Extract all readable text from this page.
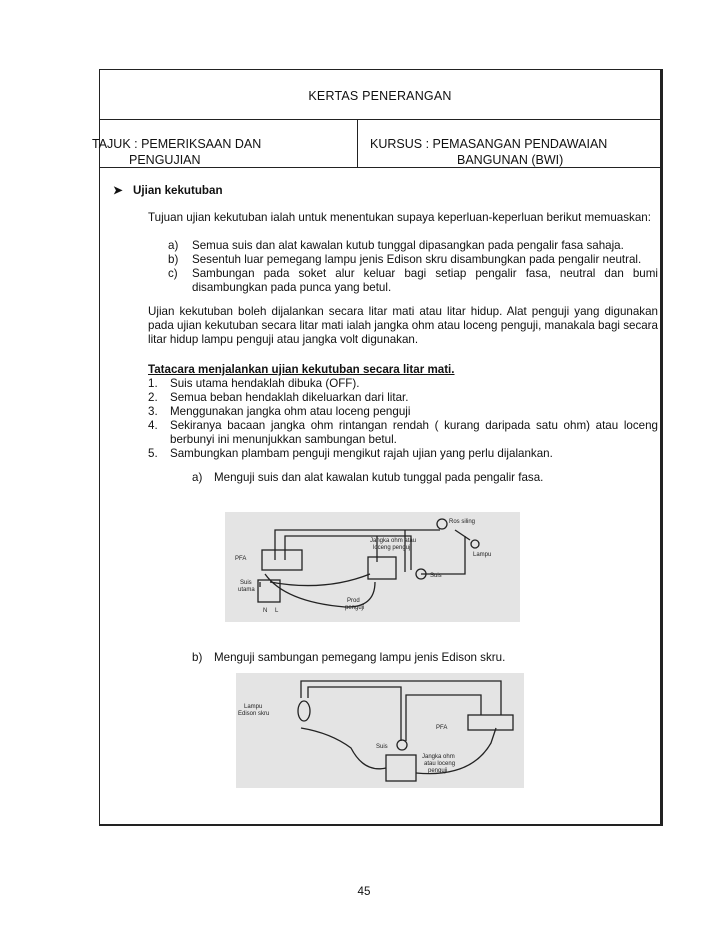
KERTAS PENERANGAN
TAJUK : PEMERIKSAAN DAN
PENGUJIAN
KURSUS : PEMASANGAN PENDAWAIAN
BANGUNAN (BWI)
➤ Ujian kekutuban
Tujuan ujian kekutuban ialah untuk menentukan supaya keperluan-keperluan berikut memuaskan:
a)	Semua suis dan alat kawalan kutub tunggal dipasangkan pada pengalir fasa sahaja.
b)	Sesentuh luar pemegang lampu jenis Edison skru disambungkan pada pengalir neutral.
c)	Sambungan pada soket alur keluar bagi setiap pengalir fasa, neutral dan bumi disambungkan pada punca yang betul.
Ujian kekutuban boleh dijalankan secara litar mati atau litar hidup. Alat penguji yang digunakan pada ujian kekutuban secara litar mati ialah jangka ohm atau loceng penguji, manakala bagi secara litar hidup lampu penguji atau jangka volt digunakan.
Tatacara menjalankan ujian kekutuban secara litar mati.
1.	Suis utama hendaklah dibuka (OFF).
2.	Semua beban hendaklah dikeluarkan dari litar.
3.	Menggunakan jangka ohm atau loceng penguji
4.	Sekiranya bacaan jangka ohm rintangan rendah ( kurang daripada satu ohm) atau loceng berbunyi ini menunjukkan sambungan betul.
5.	Sambungkan plambam penguji mengikut rajah ujian yang perlu dijalankan.
a)	Menguji suis dan alat kawalan kutub tunggal pada pengalir fasa.
b)	Menguji sambungan pemegang lampu jenis Edison skru.
Ros siling
Lampu
Jangka ohm atau
loceng penguji
PFA
Suis
Suis
utama
Prod
penguji
N L
Lampu
Edison skru
PFA
Suis
Jangka ohm
atau loceng
penguji
45
